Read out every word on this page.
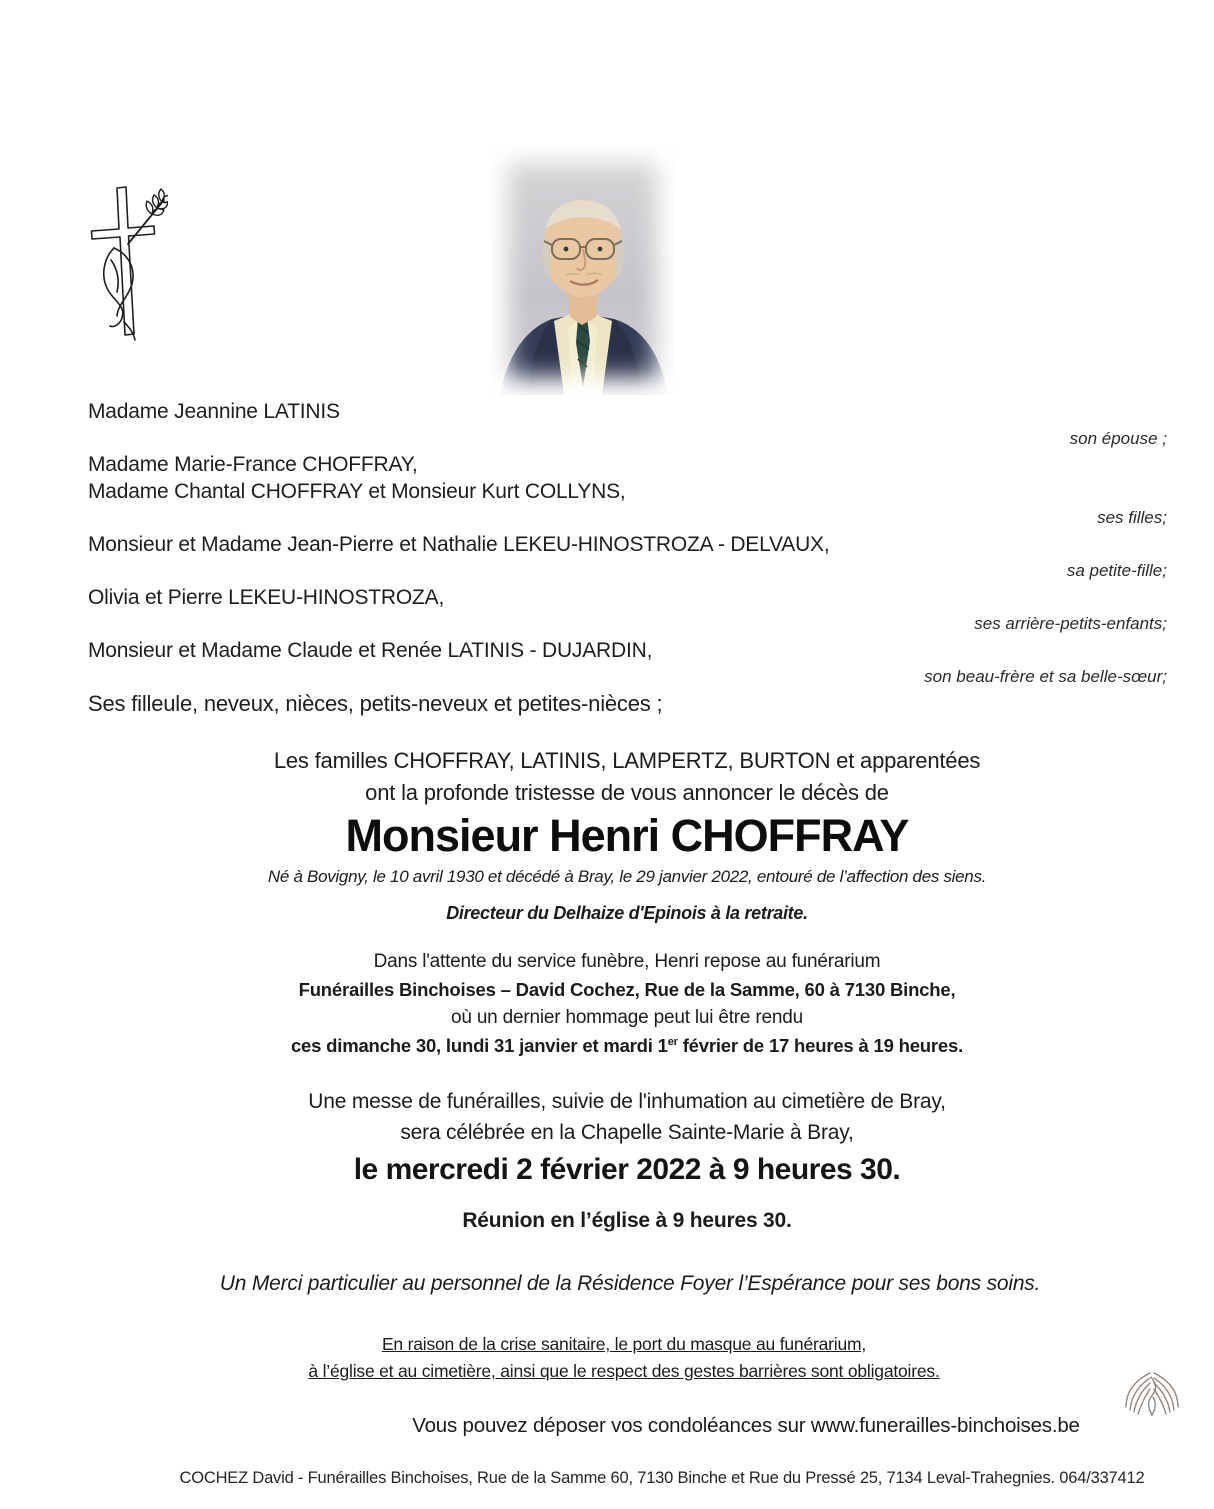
Madame Jeannine LATINIS
son épouse ;
Madame Marie-France CHOFFRAY,
Madame Chantal CHOFFRAY et Monsieur Kurt COLLYNS,
ses filles;
Monsieur et Madame Jean-Pierre et Nathalie LEKEU-HINOSTROZA - DELVAUX,
sa petite-fille;
Olivia et Pierre LEKEU-HINOSTROZA,
ses arrière-petits-enfants;
Monsieur et Madame Claude et Renée LATINIS - DUJARDIN,
son beau-frère et sa belle-sœur;
Ses filleule, neveux, nièces, petits-neveux et petites-nièces ;
Les familles CHOFFRAY, LATINIS, LAMPERTZ, BURTON et apparentées
ont la profonde tristesse de vous annoncer le décès de
Monsieur Henri CHOFFRAY
Né à Bovigny, le 10 avril 1930 et décédé à Bray, le 29 janvier 2022, entouré de l’affection des siens.
Directeur du Delhaize d'Epinois à la retraite.
Dans l'attente du service funèbre, Henri repose au funérarium
Funérailles Binchoises – David Cochez, Rue de la Samme, 60 à 7130 Binche,
où un dernier hommage peut lui être rendu
ces dimanche 30, lundi 31 janvier et mardi 1er février de 17 heures à 19 heures.
Une messe de funérailles, suivie de l'inhumation au cimetière de Bray,
sera célébrée en la Chapelle Sainte-Marie à Bray,
le mercredi 2 février 2022 à 9 heures 30.
Réunion en l’église à 9 heures 30.
Un Merci particulier au personnel de la Résidence Foyer l’Espérance pour ses bons soins.
En raison de la crise sanitaire, le port du masque au funérarium,
à l’église et au cimetière, ainsi que le respect des gestes barrières sont obligatoires.
Vous pouvez déposer vos condoléances sur www.funerailles-binchoises.be
COCHEZ David - Funérailles Binchoises, Rue de la Samme 60, 7130 Binche et Rue du Pressé 25, 7134 Leval-Trahegnies. 064/337412
